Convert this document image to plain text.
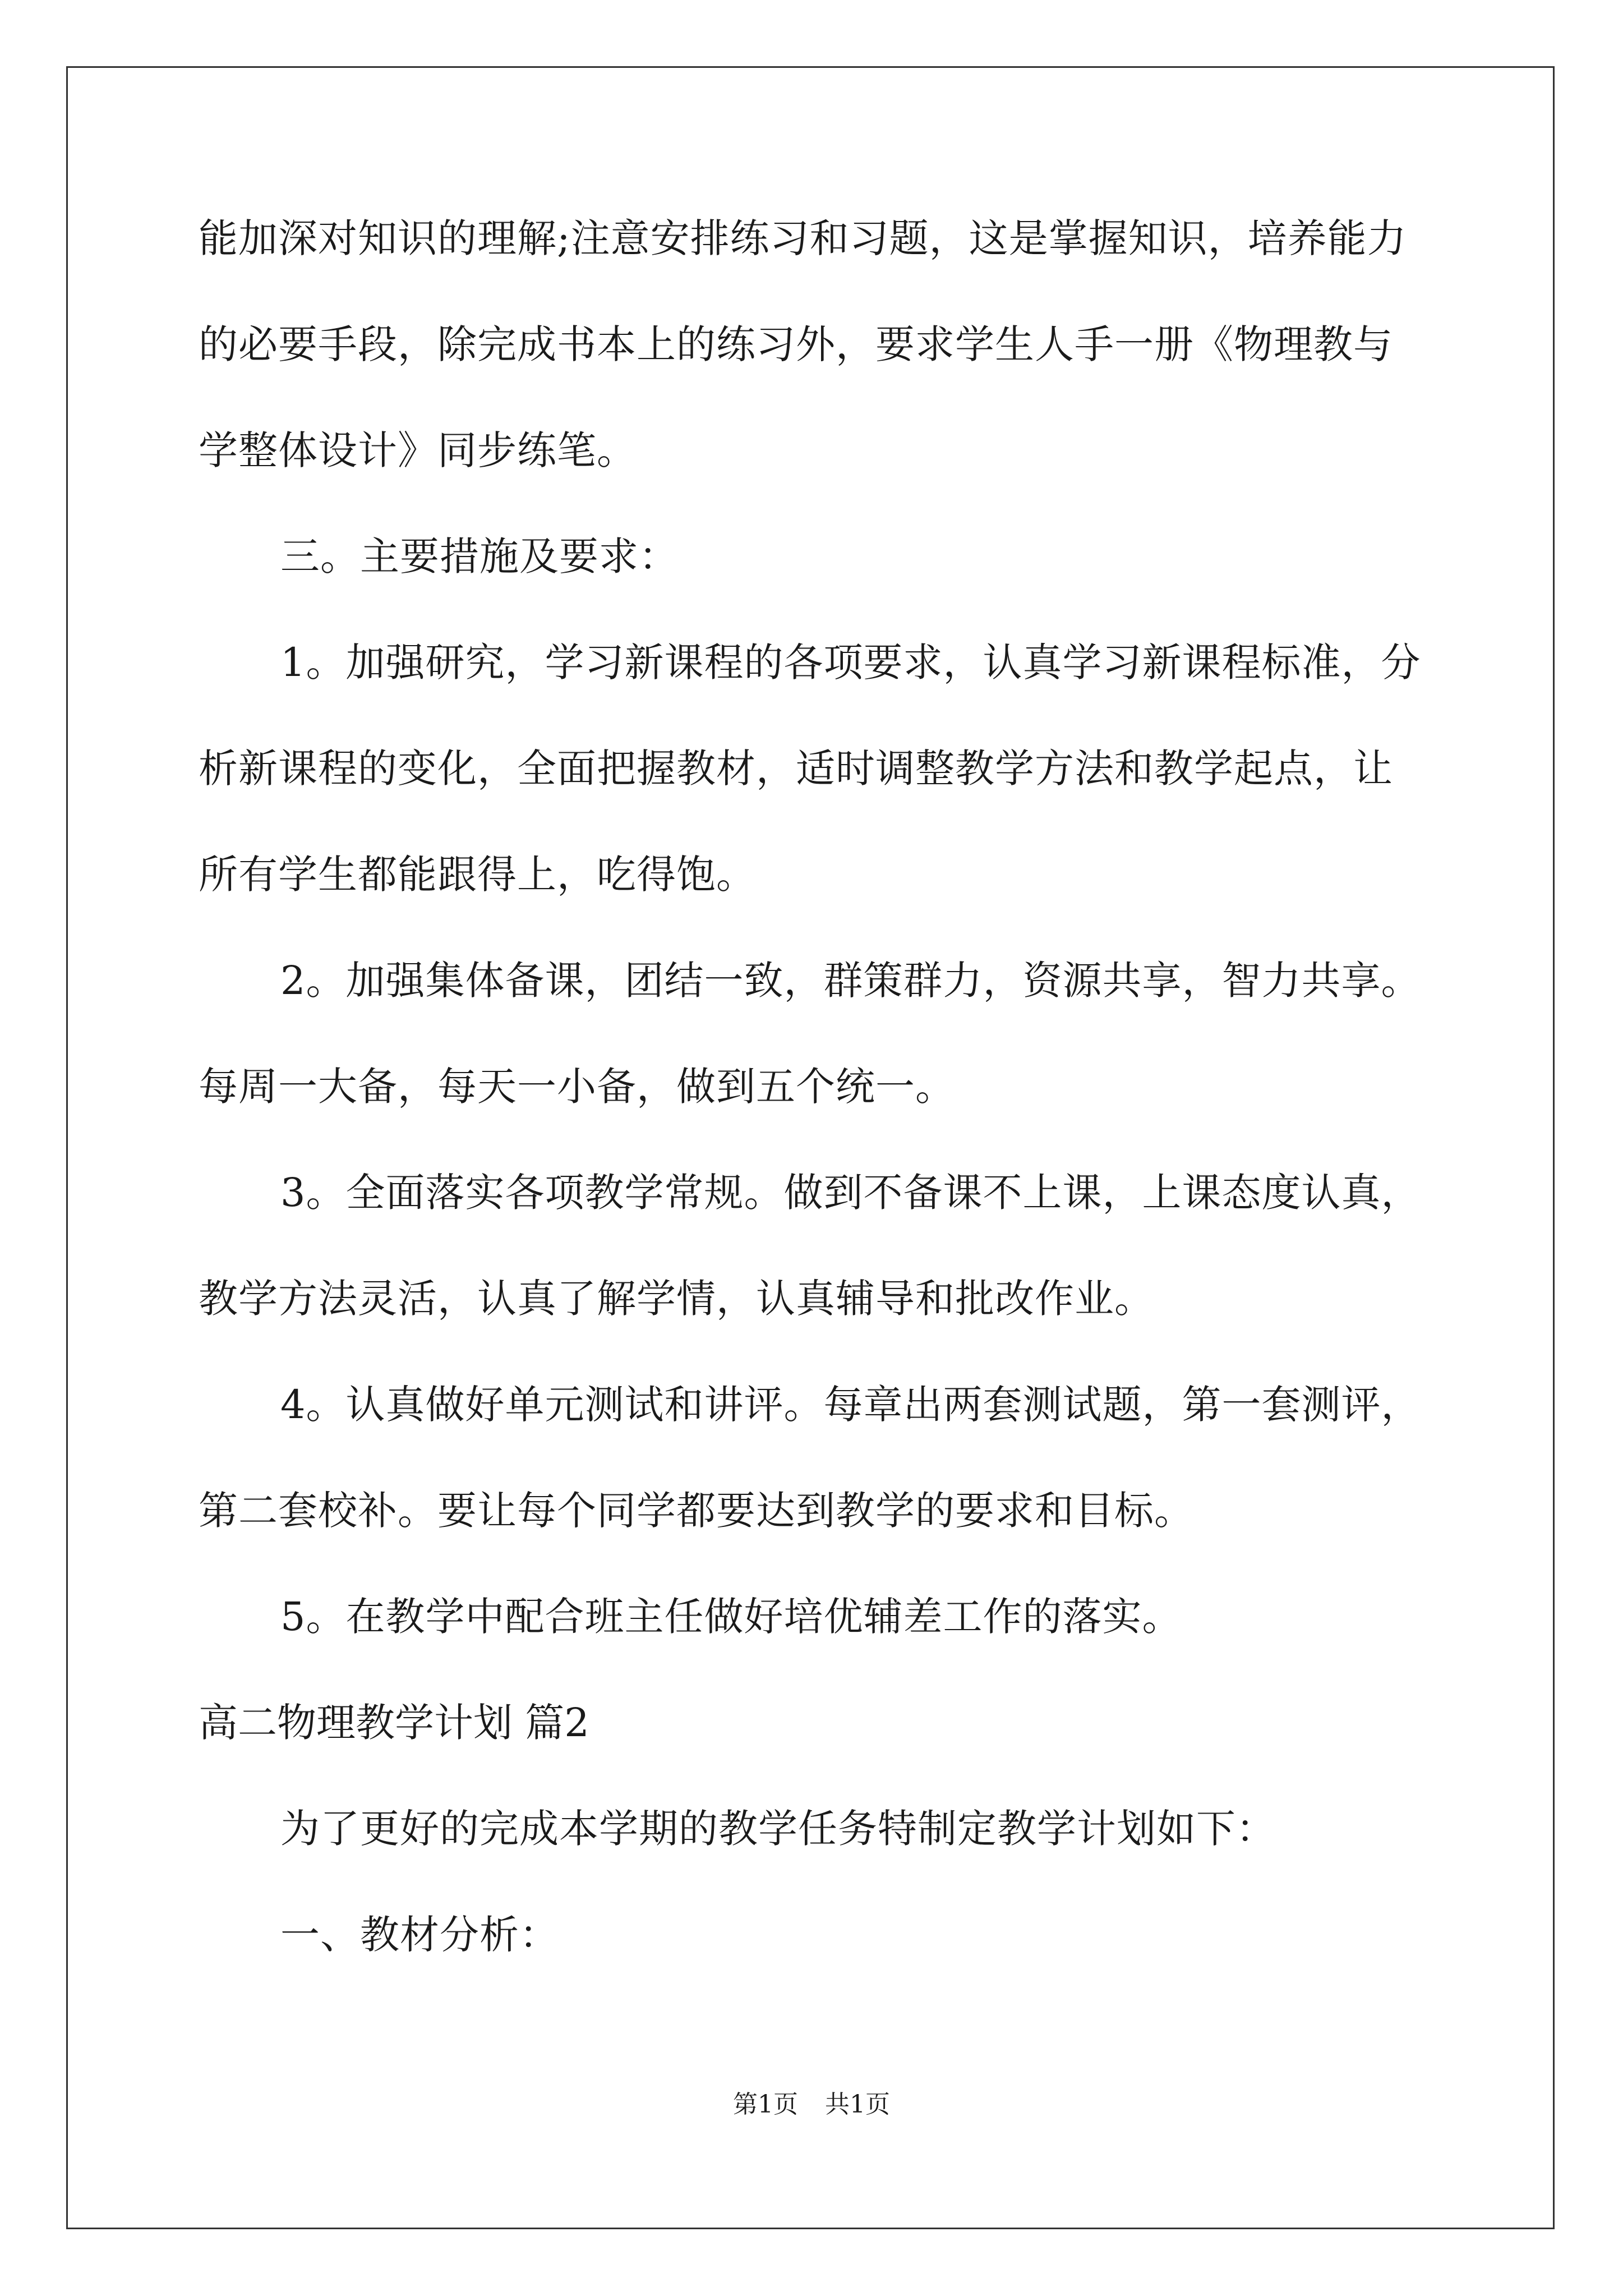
能加深对知识的理解;注意安排练习和习题，这是掌握知识，培养能力

的必要手段，除完成书本上的练习外，要求学生人手一册《物理教与

学整体设计》同步练笔。

三。主要措施及要求：

1。加强研究，学习新课程的各项要求，认真学习新课程标准，分

析新课程的变化，全面把握教材，适时调整教学方法和教学起点，让

所有学生都能跟得上，吃得饱。

2。加强集体备课，团结一致，群策群力，资源共享，智力共享。

每周一大备，每天一小备，做到五个统一。

3。全面落实各项教学常规。做到不备课不上课，上课态度认真，

教学方法灵活，认真了解学情，认真辅导和批改作业。

4。认真做好单元测试和讲评。每章出两套测试题，第一套测评，

第二套校补。要让每个同学都要达到教学的要求和目标。

5。在教学中配合班主任做好培优辅差工作的落实。

高二物理教学计划 篇2

为了更好的完成本学期的教学任务特制定教学计划如下：

一、教材分析：

第1页 共1页
